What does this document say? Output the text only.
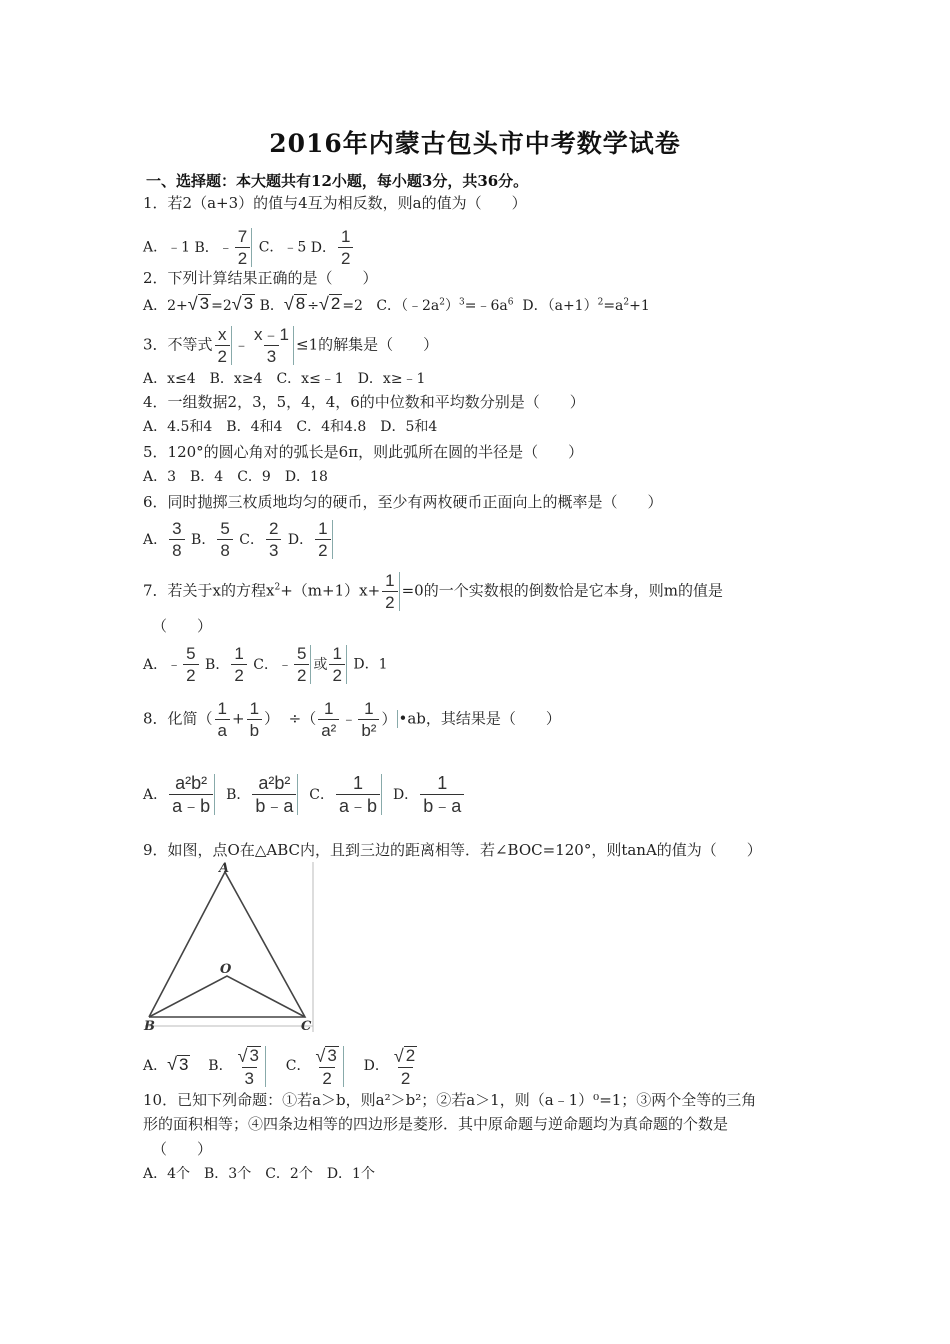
2016年内蒙古包头市中考数学试卷
一、选择题：本大题共有12小题，每小题3分，共36分。
1．若2（a+3）的值与4互为相反数，则a的值为（　　）
A．﹣1 B．﹣ $\frac{7}{2}$ C．﹣5 D． $\frac{1}{2}$
2．下列计算结果正确的是（　　）
A．2+ √ 3 =2 √ 3 B． √ 8 ÷ √ 2 =2 C．$(﹣2a^2)^3=﹣6a^6$ D．$(a+1)^2=a^2+1$
3．不等式 $\frac{x}{2}$ ﹣ $\frac{x﹣1}{3} \le 1$的解集是（　　）
A．x≤4　B．x≥4　C．x≤﹣1　D．x≥﹣1
4．一组数据2，3，5，4，4，6的中位数和平均数分别是（　　）
A．4.5和4　B．4和4　C．4和4.8　D．5和4
5．120°的圆心角对的弧长是6π，则此弧所在圆的半径是（　　）
A．3　B．4　C．9　D．18
6．同时抛掷三枚质地均匀的硬币，至少有两枚硬币正面向上的概率是（　　）
A． $\frac{3}{8}$ B． $\frac{5}{8}$ C． $\frac{2}{3}$ D． $\frac{1}{2}$
7．若关于x的方程$x^2+(m+1)x+ \frac{1}{2} =0$的一个实数根的倒数恰是它本身，则m的值是
（　　）
A．﹣ $\frac{5}{2}$ B． $\frac{1}{2}$ C．﹣ $\frac{5}{2}$ 或 $\frac{1}{2}$ D．1
8．化简（ $\frac{1}{a} + \frac{1}{b}$ ） ÷（ $\frac{1}{\text{a²}}$ ﹣ $\frac{1}{\text{b²}}$ ） •ab，其结果是（　　）
A． $\frac{\text{a²b²}}{a﹣b}$ B． $\frac{\text{a²b²}}{b﹣a}$ C． $\frac{1}{a﹣b}$ D． $\frac{1}{b﹣a}$
9．如图，点O在△ABC内，且到三边的距离相等．若∠BOC=120°，则tanA的值为（　　）
A
O
B	C
A． √ 3 B． $\frac{√ 3}{3}$ C． $\frac{√ 3}{2}$ D． $\frac{√ 2}{2}$
10．已知下列命题：①若a＞b，则a²＞b²；②若a＞1，则（a﹣1）⁰=1；③两个全等的三角
形的面积相等；④四条边相等的四边形是菱形．其中原命题与逆命题均为真命题的个数是
（　　）
A．4个　B．3个　C．2个　D．1个
